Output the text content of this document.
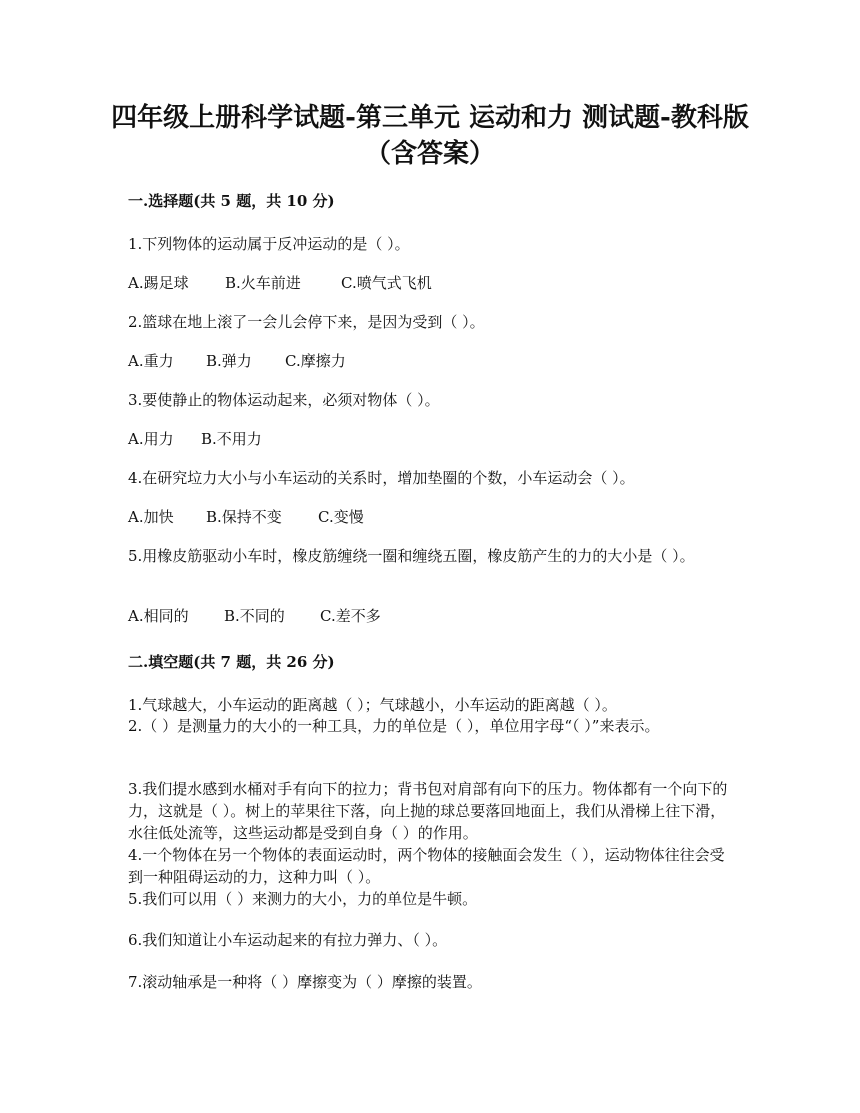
四年级上册科学试题-第三单元 运动和力 测试题-教科版（含答案）

一.选择题(共 5 题，共 10 分)

1.下列物体的运动属于反冲运动的是（ ）。

A.踢足球 B.火车前进	C.喷气式飞机

2.篮球在地上滚了一会儿会停下来，是因为受到（ ）。

A.重力 B.弹力 C.摩擦力

3.要使静止的物体运动起来，必须对物体（ ）。

A.用力 B.不用力

4.在研究垃力大小与小车运动的关系时，增加垫圈的个数，小车运动会（ ）。

A.加快 B.保持不变 C.变慢

5.用橡皮筋驱动小车时，橡皮筋缠绕一圈和缠绕五圈，橡皮筋产生的力的大小是（ ）。

A.相同的 B.不同的 C.差不多

二.填空题(共 7 题，共 26 分)

1.气球越大，小车运动的距离越（ ）；气球越小，小车运动的距离越（ ）。

2.（ ）是测量力的大小的一种工具，力的单位是（ ），单位用字母“（ ）”来表示。

3.我们提水感到水桶对手有向下的拉力；背书包对肩部有向下的压力。物体都有一个向下的力，这就是（ ）。树上的苹果往下落，向上抛的球总要落回地面上，我们从滑梯上往下滑，水往低处流等，这些运动都是受到自身（ ）的作用。

4.一个物体在另一个物体的表面运动时，两个物体的接触面会发生（ ），运动物体往往会受到一种阻碍运动的力，这种力叫（ ）。

5.我们可以用（ ）来测力的大小，力的单位是牛顿。

6.我们知道让小车运动起来的有拉力弹力、（ ）。

7.滚动轴承是一种将（ ）摩擦变为（ ）摩擦的装置。
